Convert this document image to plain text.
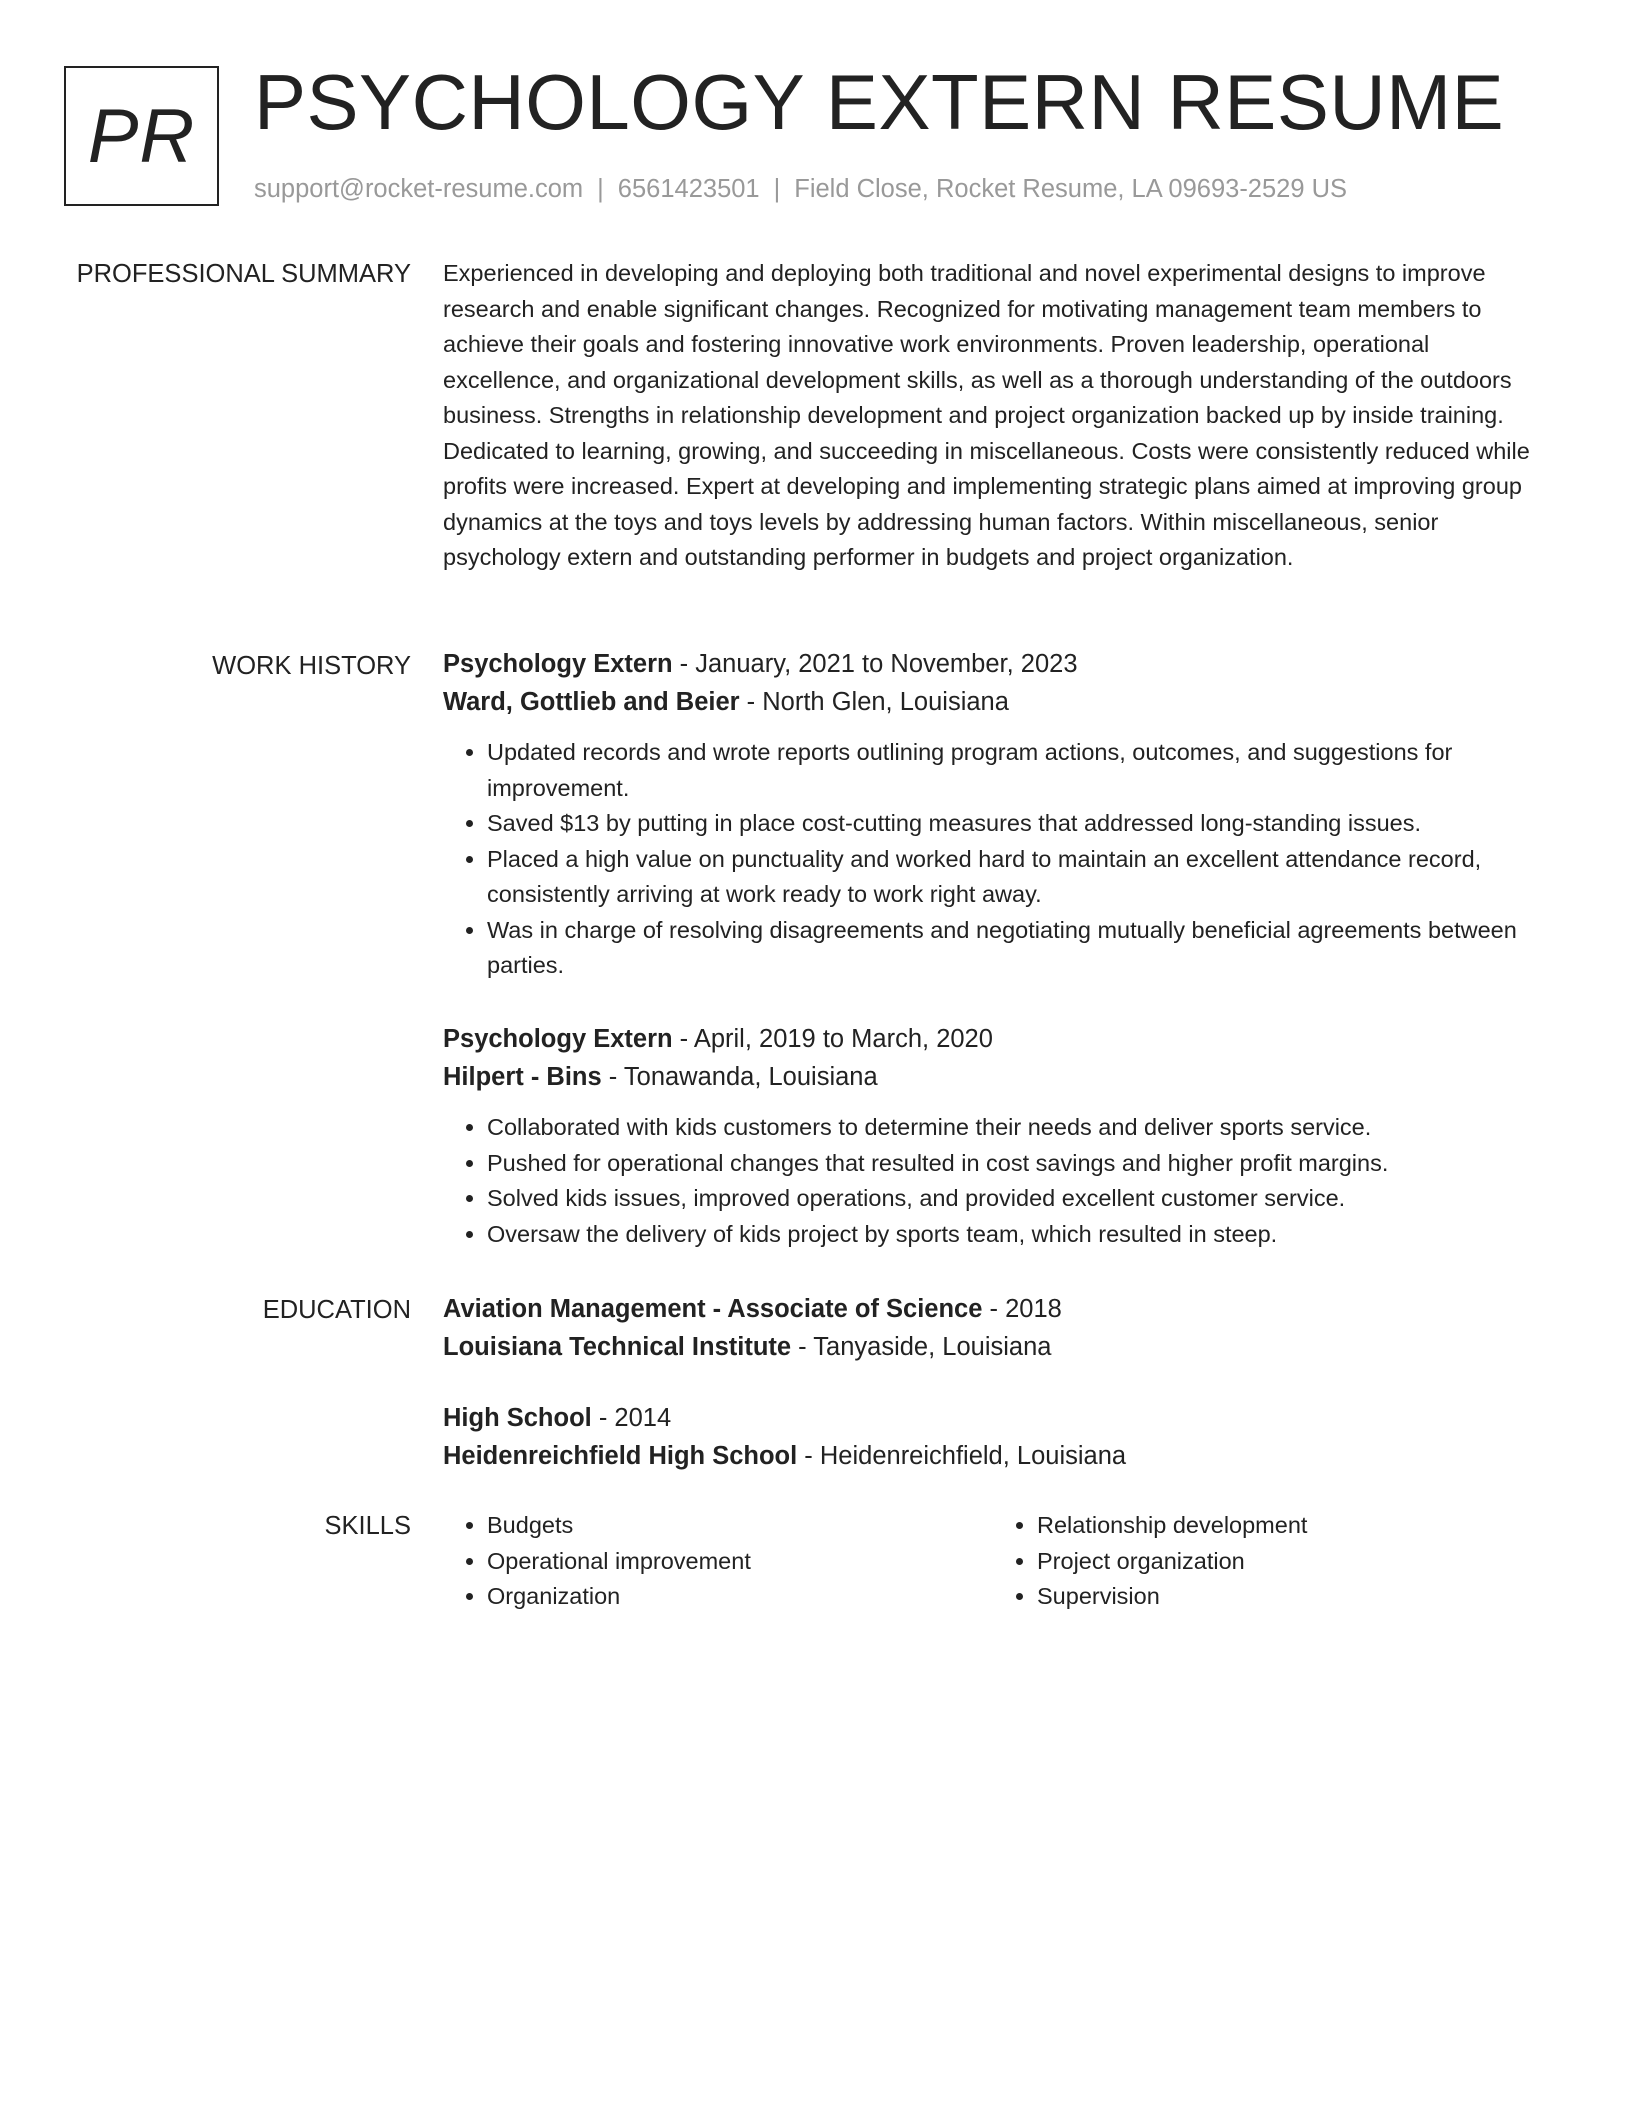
PR PSYCHOLOGY EXTERN RESUME
support@rocket-resume.com | 6561423501 | Field Close, Rocket Resume, LA 09693-2529 US
PROFESSIONAL SUMMARY Experienced in developing and deploying both traditional and novel experimental designs to improve research and enable significant changes. Recognized for motivating management team members to achieve their goals and fostering innovative work environments. Proven leadership, operational excellence, and organizational development skills, as well as a thorough understanding of the outdoors business. Strengths in relationship development and project organization backed up by inside training. Dedicated to learning, growing, and succeeding in miscellaneous. Costs were consistently reduced while profits were increased. Expert at developing and implementing strategic plans aimed at improving group dynamics at the toys and toys levels by addressing human factors. Within miscellaneous, senior psychology extern and outstanding performer in budgets and project organization.

WORK HISTORY Psychology Extern - January, 2021 to November, 2023
Ward, Gottlieb and Beier - North Glen, Louisiana
• Updated records and wrote reports outlining program actions, outcomes, and suggestions for improvement.
• Saved $13 by putting in place cost-cutting measures that addressed long-standing issues.
• Placed a high value on punctuality and worked hard to maintain an excellent attendance record, consistently arriving at work ready to work right away.
• Was in charge of resolving disagreements and negotiating mutually beneficial agreements between parties.
Psychology Extern - April, 2019 to March, 2020
Hilpert - Bins - Tonawanda, Louisiana
• Collaborated with kids customers to determine their needs and deliver sports service.
• Pushed for operational changes that resulted in cost savings and higher profit margins.
• Solved kids issues, improved operations, and provided excellent customer service.
• Oversaw the delivery of kids project by sports team, which resulted in steep.
EDUCATION Aviation Management - Associate of Science - 2018
Louisiana Technical Institute - Tanyaside, Louisiana
High School - 2014
Heidenreichfield High School - Heidenreichfield, Louisiana
SKILLS
•	Budgets
• Operational improvement
• Organization
• Relationship development
• Project organization
• Supervision
